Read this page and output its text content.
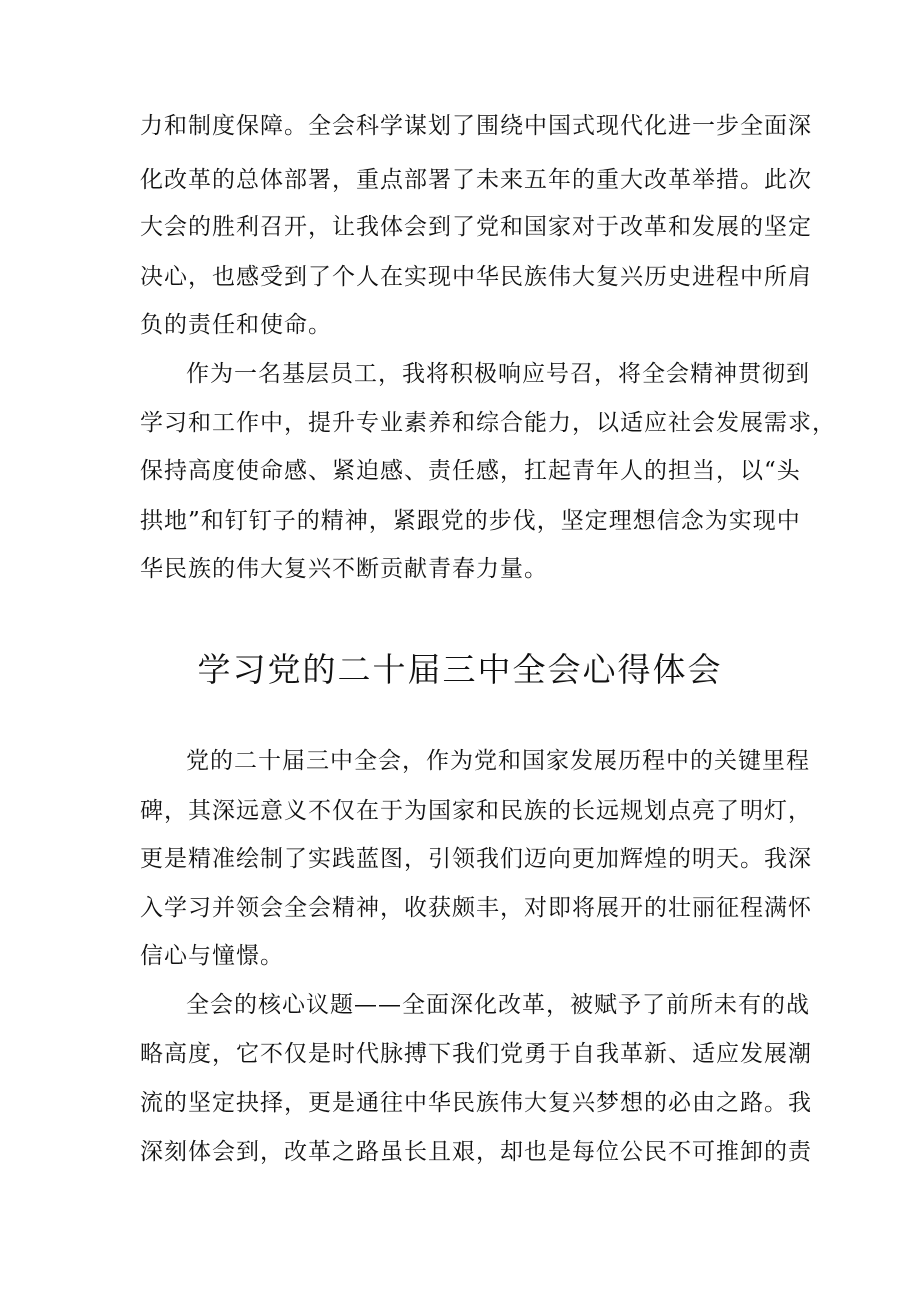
力和制度保障。全会科学谋划了围绕中国式现代化进一步全面深
化改革的总体部署，重点部署了未来五年的重大改革举措。此次
大会的胜利召开，让我体会到了党和国家对于改革和发展的坚定
决心，也感受到了个人在实现中华民族伟大复兴历史进程中所肩
负的责任和使命。
作为一名基层员工，我将积极响应号召，将全会精神贯彻到
学习和工作中，提升专业素养和综合能力，以适应社会发展需求，
保持高度使命感、紧迫感、责任感，扛起青年人的担当，以“头
拱地”和钉钉子的精神，紧跟党的步伐，坚定理想信念为实现中
华民族的伟大复兴不断贡献青春力量。
学习党的二十届三中全会心得体会
党的二十届三中全会，作为党和国家发展历程中的关键里程
碑，其深远意义不仅在于为国家和民族的长远规划点亮了明灯，
更是精准绘制了实践蓝图，引领我们迈向更加辉煌的明天。我深
入学习并领会全会精神，收获颇丰，对即将展开的壮丽征程满怀
信心与憧憬。
全会的核心议题——全面深化改革，被赋予了前所未有的战
略高度，它不仅是时代脉搏下我们党勇于自我革新、适应发展潮
流的坚定抉择，更是通往中华民族伟大复兴梦想的必由之路。我
深刻体会到，改革之路虽长且艰，却也是每位公民不可推卸的责
